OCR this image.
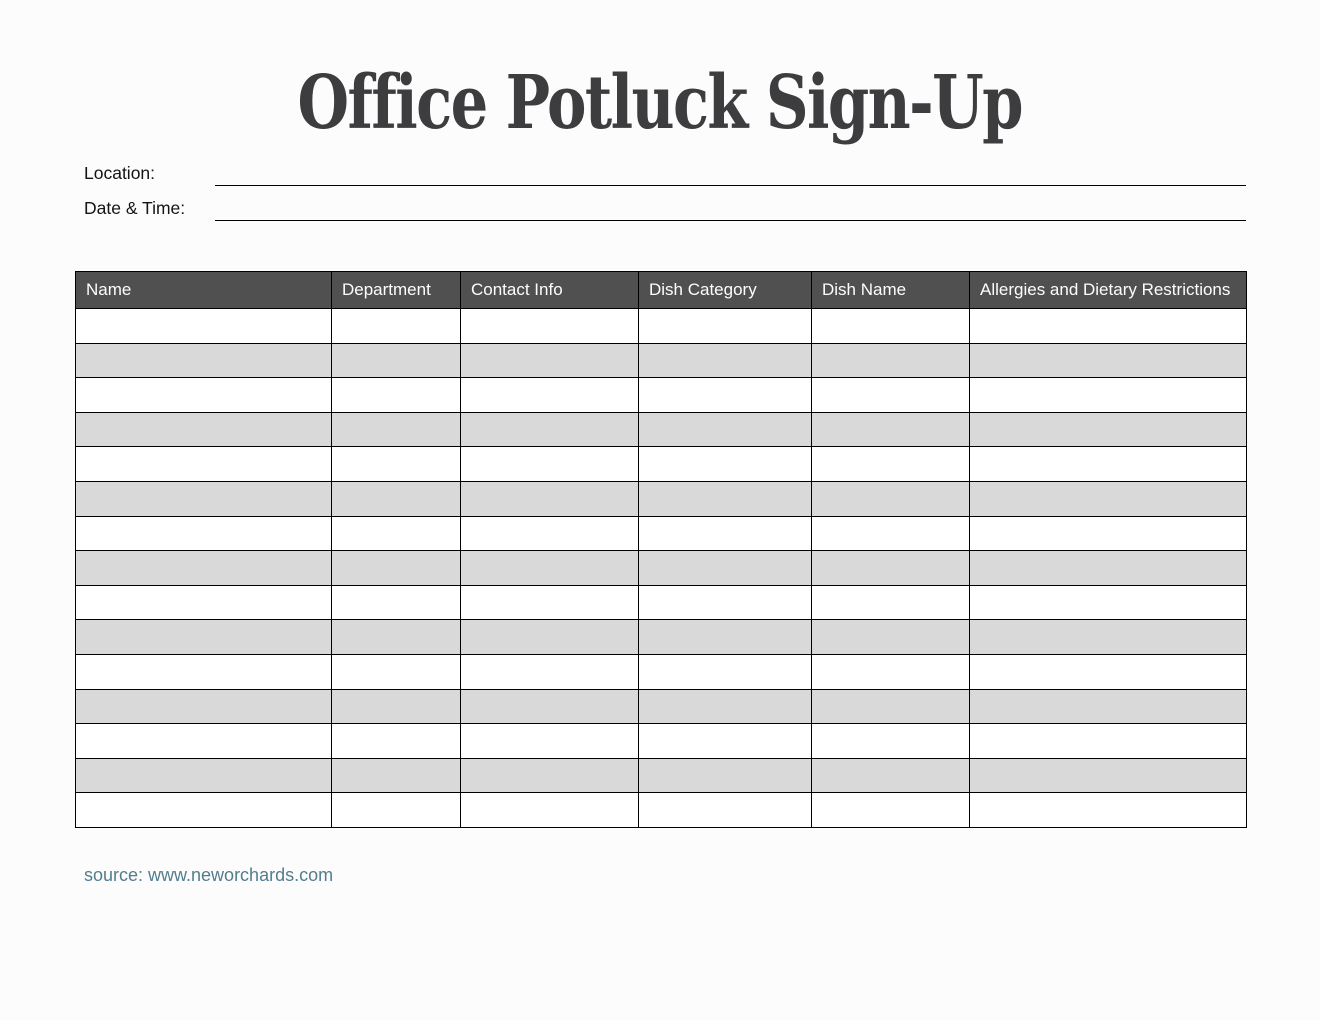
Office Potluck Sign-Up
Location:
Date & Time:
Name	Department	Contact Info	Dish Category	Dish Name	Allergies and Dietary Restrictions

source: www.neworchards.com
